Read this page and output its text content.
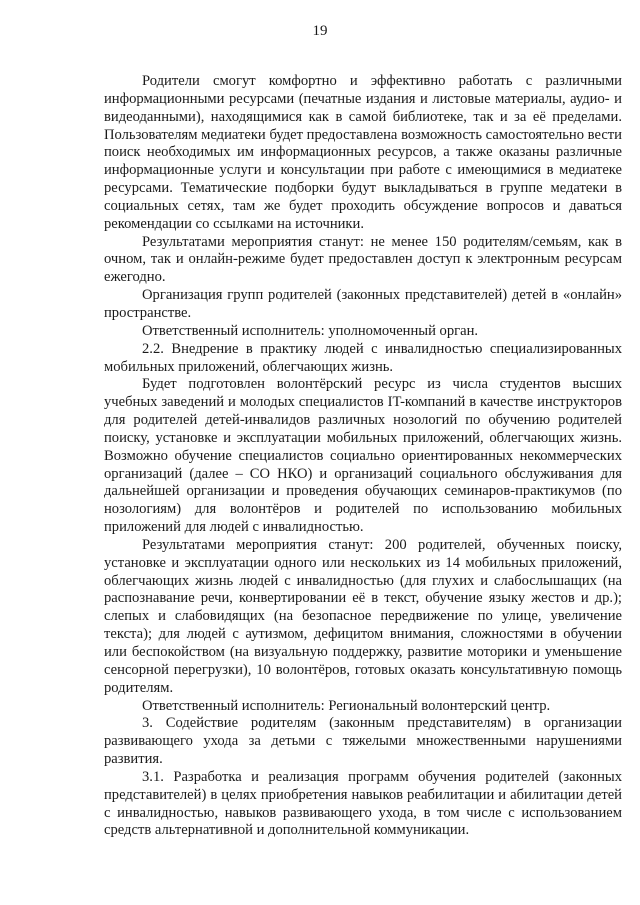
19

Родители смогут комфортно и эффективно работать с различными информационными ресурсами (печатные издания и листовые материалы, аудио- и видеоданными), находящимися как в самой библиотеке, так и за её пределами. Пользователям медиатеки будет предоставлена возможность самостоятельно вести поиск необходимых им информационных ресурсов, а также оказаны различные информационные услуги и консультации при работе с имеющимися в медиатеке ресурсами. Тематические подборки будут выкладываться в группе медатеки в социальных сетях, там же будет проходить обсуждение вопросов и даваться рекомендации со ссылками на источники.

Результатами мероприятия станут: не менее 150 родителям/семьям, как в очном, так и онлайн-режиме будет предоставлен доступ к электронным ресурсам ежегодно.

Организация групп родителей (законных представителей) детей в «онлайн» пространстве.

Ответственный исполнитель: уполномоченный орган.

2.2. Внедрение в практику людей с инвалидностью специализированных мобильных приложений, облегчающих жизнь.

Будет подготовлен волонтёрский ресурс из числа студентов высших учебных заведений и молодых специалистов IT-компаний в качестве инструкторов для родителей детей-инвалидов различных нозологий по обучению родителей поиску, установке и эксплуатации мобильных приложений, облегчающих жизнь. Возможно обучение специалистов социально ориентированных некоммерческих организаций (далее – СО НКО) и организаций социального обслуживания для дальнейшей организации и проведения обучающих семинаров-практикумов (по нозологиям) для волонтёров и родителей по использованию мобильных приложений для людей с инвалидностью.

Результатами мероприятия станут: 200 родителей, обученных поиску, установке и эксплуатации одного или нескольких из 14 мобильных приложений, облегчающих жизнь людей с инвалидностью (для глухих и слабослышащих (на распознавание речи, конвертировании её в текст, обучение языку жестов и др.); слепых и слабовидящих (на безопасное передвижение по улице, увеличение текста); для людей с аутизмом, дефицитом внимания, сложностями в обучении или беспокойством (на визуальную поддержку, развитие моторики и уменьшение сенсорной перегрузки), 10 волонтёров, готовых оказать консультативную помощь родителям.

Ответственный исполнитель: Региональный волонтерский центр.

3. Содействие родителям (законным представителям) в организации развивающего ухода за детьми с тяжелыми множественными нарушениями развития.

3.1. Разработка и реализация программ обучения родителей (законных представителей) в целях приобретения навыков реабилитации и абилитации детей с инвалидностью, навыков развивающего ухода, в том числе с использованием средств альтернативной и дополнительной коммуникации.
